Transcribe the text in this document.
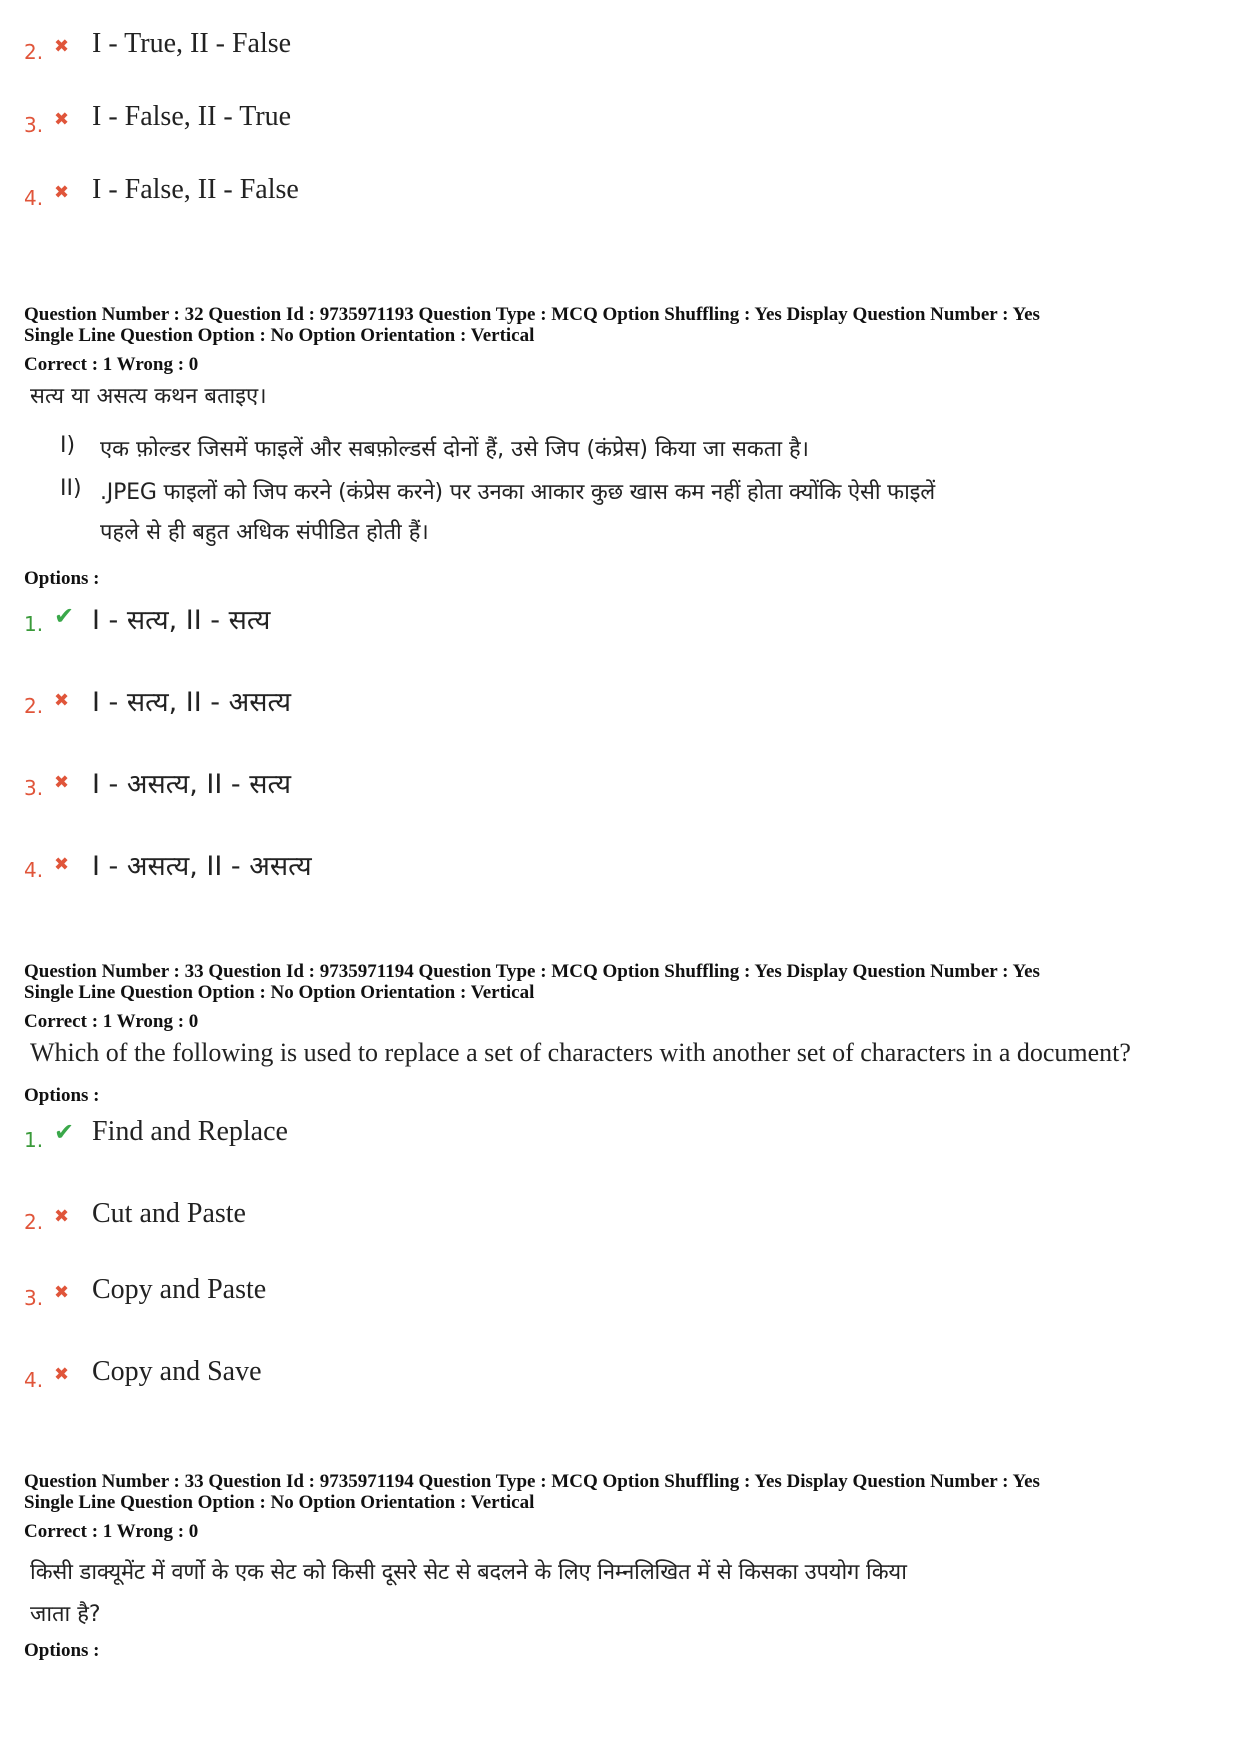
2. ✖ I - True, II - False
3. ✖ I - False, II - True
4. ✖ I - False, II - False
Question Number : 32 Question Id : 9735971193 Question Type : MCQ Option Shuffling : Yes Display Question Number : Yes
Single Line Question Option : No Option Orientation : Vertical
Correct : 1 Wrong : 0
सत्य या असत्य कथन बताइए।
I) एक फ़ोल्डर जिसमें फाइलें और सबफ़ोल्डर्स दोनों हैं, उसे जिप (कंप्रेस) किया जा सकता है।
II) .JPEG फाइलों को जिप करने (कंप्रेस करने) पर उनका आकार कुछ खास कम नहीं होता क्योंकि ऐसी फाइलें
पहले से ही बहुत अधिक संपीडित होती हैं।
Options :
1. ✔ I - सत्य, II - सत्य
2. ✖ I - सत्य, II - असत्य
3. ✖ I - असत्य, II - सत्य
4. ✖ I - असत्य, II - असत्य
Question Number : 33 Question Id : 9735971194 Question Type : MCQ Option Shuffling : Yes Display Question Number : Yes
Single Line Question Option : No Option Orientation : Vertical
Correct : 1 Wrong : 0
Which of the following is used to replace a set of characters with another set of characters in a document?
Options :
1. ✔ Find and Replace
2. ✖ Cut and Paste
3. ✖ Copy and Paste
4. ✖ Copy and Save
Question Number : 33 Question Id : 9735971194 Question Type : MCQ Option Shuffling : Yes Display Question Number : Yes
Single Line Question Option : No Option Orientation : Vertical
Correct : 1 Wrong : 0
किसी डाक्यूमेंट में वर्णो के एक सेट को किसी दूसरे सेट से बदलने के लिए निम्नलिखित में से किसका उपयोग किया
जाता है?
Options :
